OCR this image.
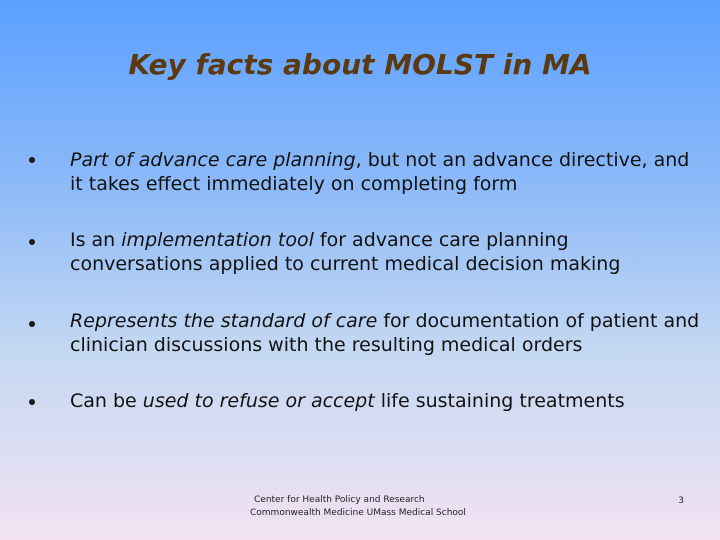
Key facts about MOLST in MA
Part of advance care planning, but not an advance directive, and it takes effect immediately on completing form
Is an implementation tool for advance care planning conversations applied to current medical decision making
Represents the standard of care for documentation of patient and clinician discussions with the resulting medical orders
Can be used to refuse or accept life sustaining treatments
Center for Health Policy and Research
Commonwealth Medicine UMass Medical School
3
